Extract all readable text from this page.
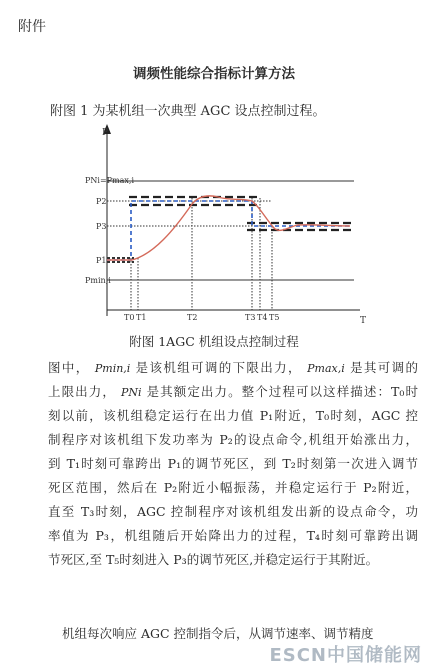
附件
调频性能综合指标计算方法
附图 1 为某机组一次典型 AGC 设点控制过程。
P
T
PNi=Pmax,i
P2
P3
P1
Pmin,i
T0 T1	T2	T3 T4 T5
附图 1AGC 机组设点控制过程
图中， Pmin,i 是该机组可调的下限出力， Pmax,i 是其可调的
上限出力， PNi 是其额定出力。整个过程可以这样描述：T₀时
刻以前，该机组稳定运行在出力值 P₁附近，T₀时刻，AGC 控
制程序对该机组下发功率为 P₂的设点命令,机组开始涨出力，
到 T₁时刻可靠跨出 P₁的调节死区，到 T₂时刻第一次进入调节
死区范围，然后在 P₂附近小幅振荡，并稳定运行于 P₂附近，
直至 T₃时刻，AGC 控制程序对该机组发出新的设点命令，功
率值为 P₃，机组随后开始降出力的过程，T₄时刻可靠跨出调
节死区,至 T₅时刻进入 P₃的调节死区,并稳定运行于其附近。
机组每次响应 AGC 控制指令后，从调节速率、调节精度
ESCN中国储能网
